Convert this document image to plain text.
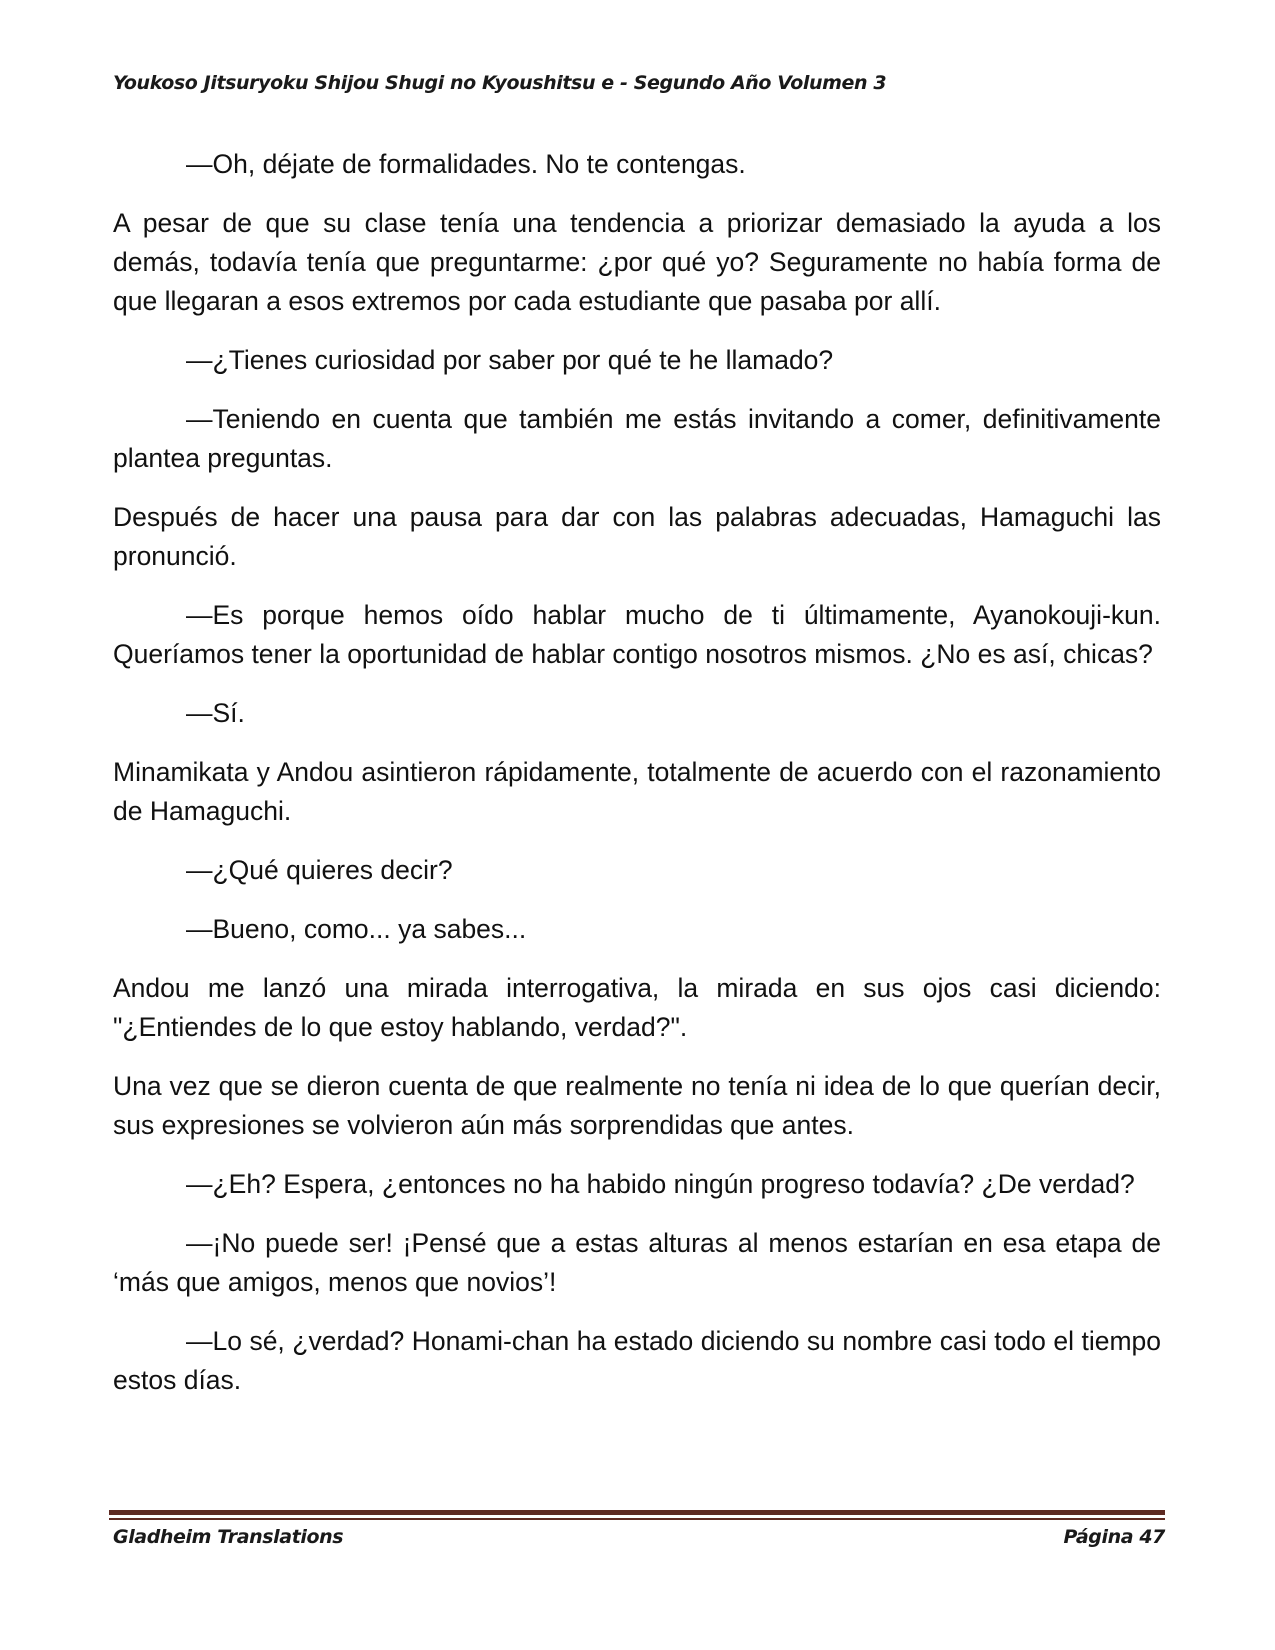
Youkoso Jitsuryoku Shijou Shugi no Kyoushitsu e - Segundo Año Volumen 3

—Oh, déjate de formalidades. No te contengas.

A pesar de que su clase tenía una tendencia a priorizar demasiado la ayuda a los demás, todavía tenía que preguntarme: ¿por qué yo? Seguramente no había forma de que llegaran a esos extremos por cada estudiante que pasaba por allí.

—¿Tienes curiosidad por saber por qué te he llamado?

—Teniendo en cuenta que también me estás invitando a comer, definitivamente plantea preguntas.

Después de hacer una pausa para dar con las palabras adecuadas, Hamaguchi las pronunció.

—Es porque hemos oído hablar mucho de ti últimamente, Ayanokouji-kun. Queríamos tener la oportunidad de hablar contigo nosotros mismos. ¿No es así, chicas?

—Sí.

Minamikata y Andou asintieron rápidamente, totalmente de acuerdo con el razonamiento de Hamaguchi.

—¿Qué quieres decir?

—Bueno, como... ya sabes...

Andou me lanzó una mirada interrogativa, la mirada en sus ojos casi diciendo: "¿Entiendes de lo que estoy hablando, verdad?".

Una vez que se dieron cuenta de que realmente no tenía ni idea de lo que querían decir, sus expresiones se volvieron aún más sorprendidas que antes.

—¿Eh? Espera, ¿entonces no ha habido ningún progreso todavía? ¿De verdad?

—¡No puede ser! ¡Pensé que a estas alturas al menos estarían en esa etapa de ‘más que amigos, menos que novios’!

—Lo sé, ¿verdad? Honami-chan ha estado diciendo su nombre casi todo el tiempo estos días.

Gladheim Translations	Página 47
